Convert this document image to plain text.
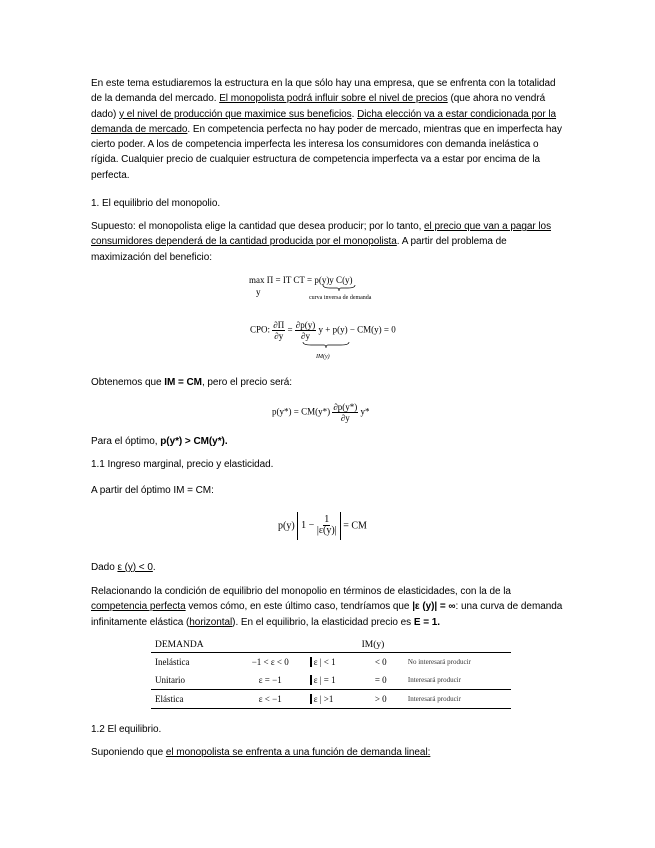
En este tema estudiaremos la estructura en la que sólo hay una empresa, que se enfrenta con la totalidad de la demanda del mercado. El monopolista podrá influir sobre el nivel de precios (que ahora no vendrá dado) y el nivel de producción que maximice sus beneficios. Dicha elección va a estar condicionada por la demanda de mercado. En competencia perfecta no hay poder de mercado, mientras que en imperfecta hay cierto poder. A los de competencia imperfecta les interesa los consumidores con demanda inelástica o rígida. Cualquier precio de cualquier estructura de competencia imperfecta va a estar por encima de la perfecta.
1. El equilibrio del monopolio.
Supuesto: el monopolista elige la cantidad que desea producir; por lo tanto, el precio que van a pagar los consumidores dependerá de la cantidad producida por el monopolista. A partir del problema de maximización del beneficio:
max Π = IT CT = p(y)y C(y)
y
curva inversa de demanda
CPO: $\frac{\partial\Pi}{\partial y} = \frac{\partial p(y)}{\partial y}$ y + p(y) − CM(y) = 0
IM(y)
Obtenemos que IM = CM, pero el precio será:
$p(y*) = CM(y*) \frac{\partial p(y*)}{\partial y} y*$
Para el óptimo, p(y*) > CM(y*).
1.1 Ingreso marginal, precio y elasticidad.
A partir del óptimo IM = CM:
p(y) $1 - \frac{1}{|\varepsilon(y)|}$ = CM
Dado ε (y) < 0.
Relacionando la condición de equilibrio del monopolio en términos de elasticidades, con la de la competencia perfecta vemos cómo, en este último caso, tendríamos que |ε (y)| = ∞: una curva de demanda infinitamente elástica (horizontal). En el equilibrio, la elasticidad precio es E = 1.
DEMANDA			IM(y)	
Inelástica	−1 < ε < 0	ε | < 1	< 0	No interesará producir
Unitario	ε = −1	ε | = 1	= 0	Interesará producir
Elástica	ε < −1	ε | >1	> 0	Interesará producir
1.2 El equilibrio.
Suponiendo que el monopolista se enfrenta a una función de demanda lineal:
